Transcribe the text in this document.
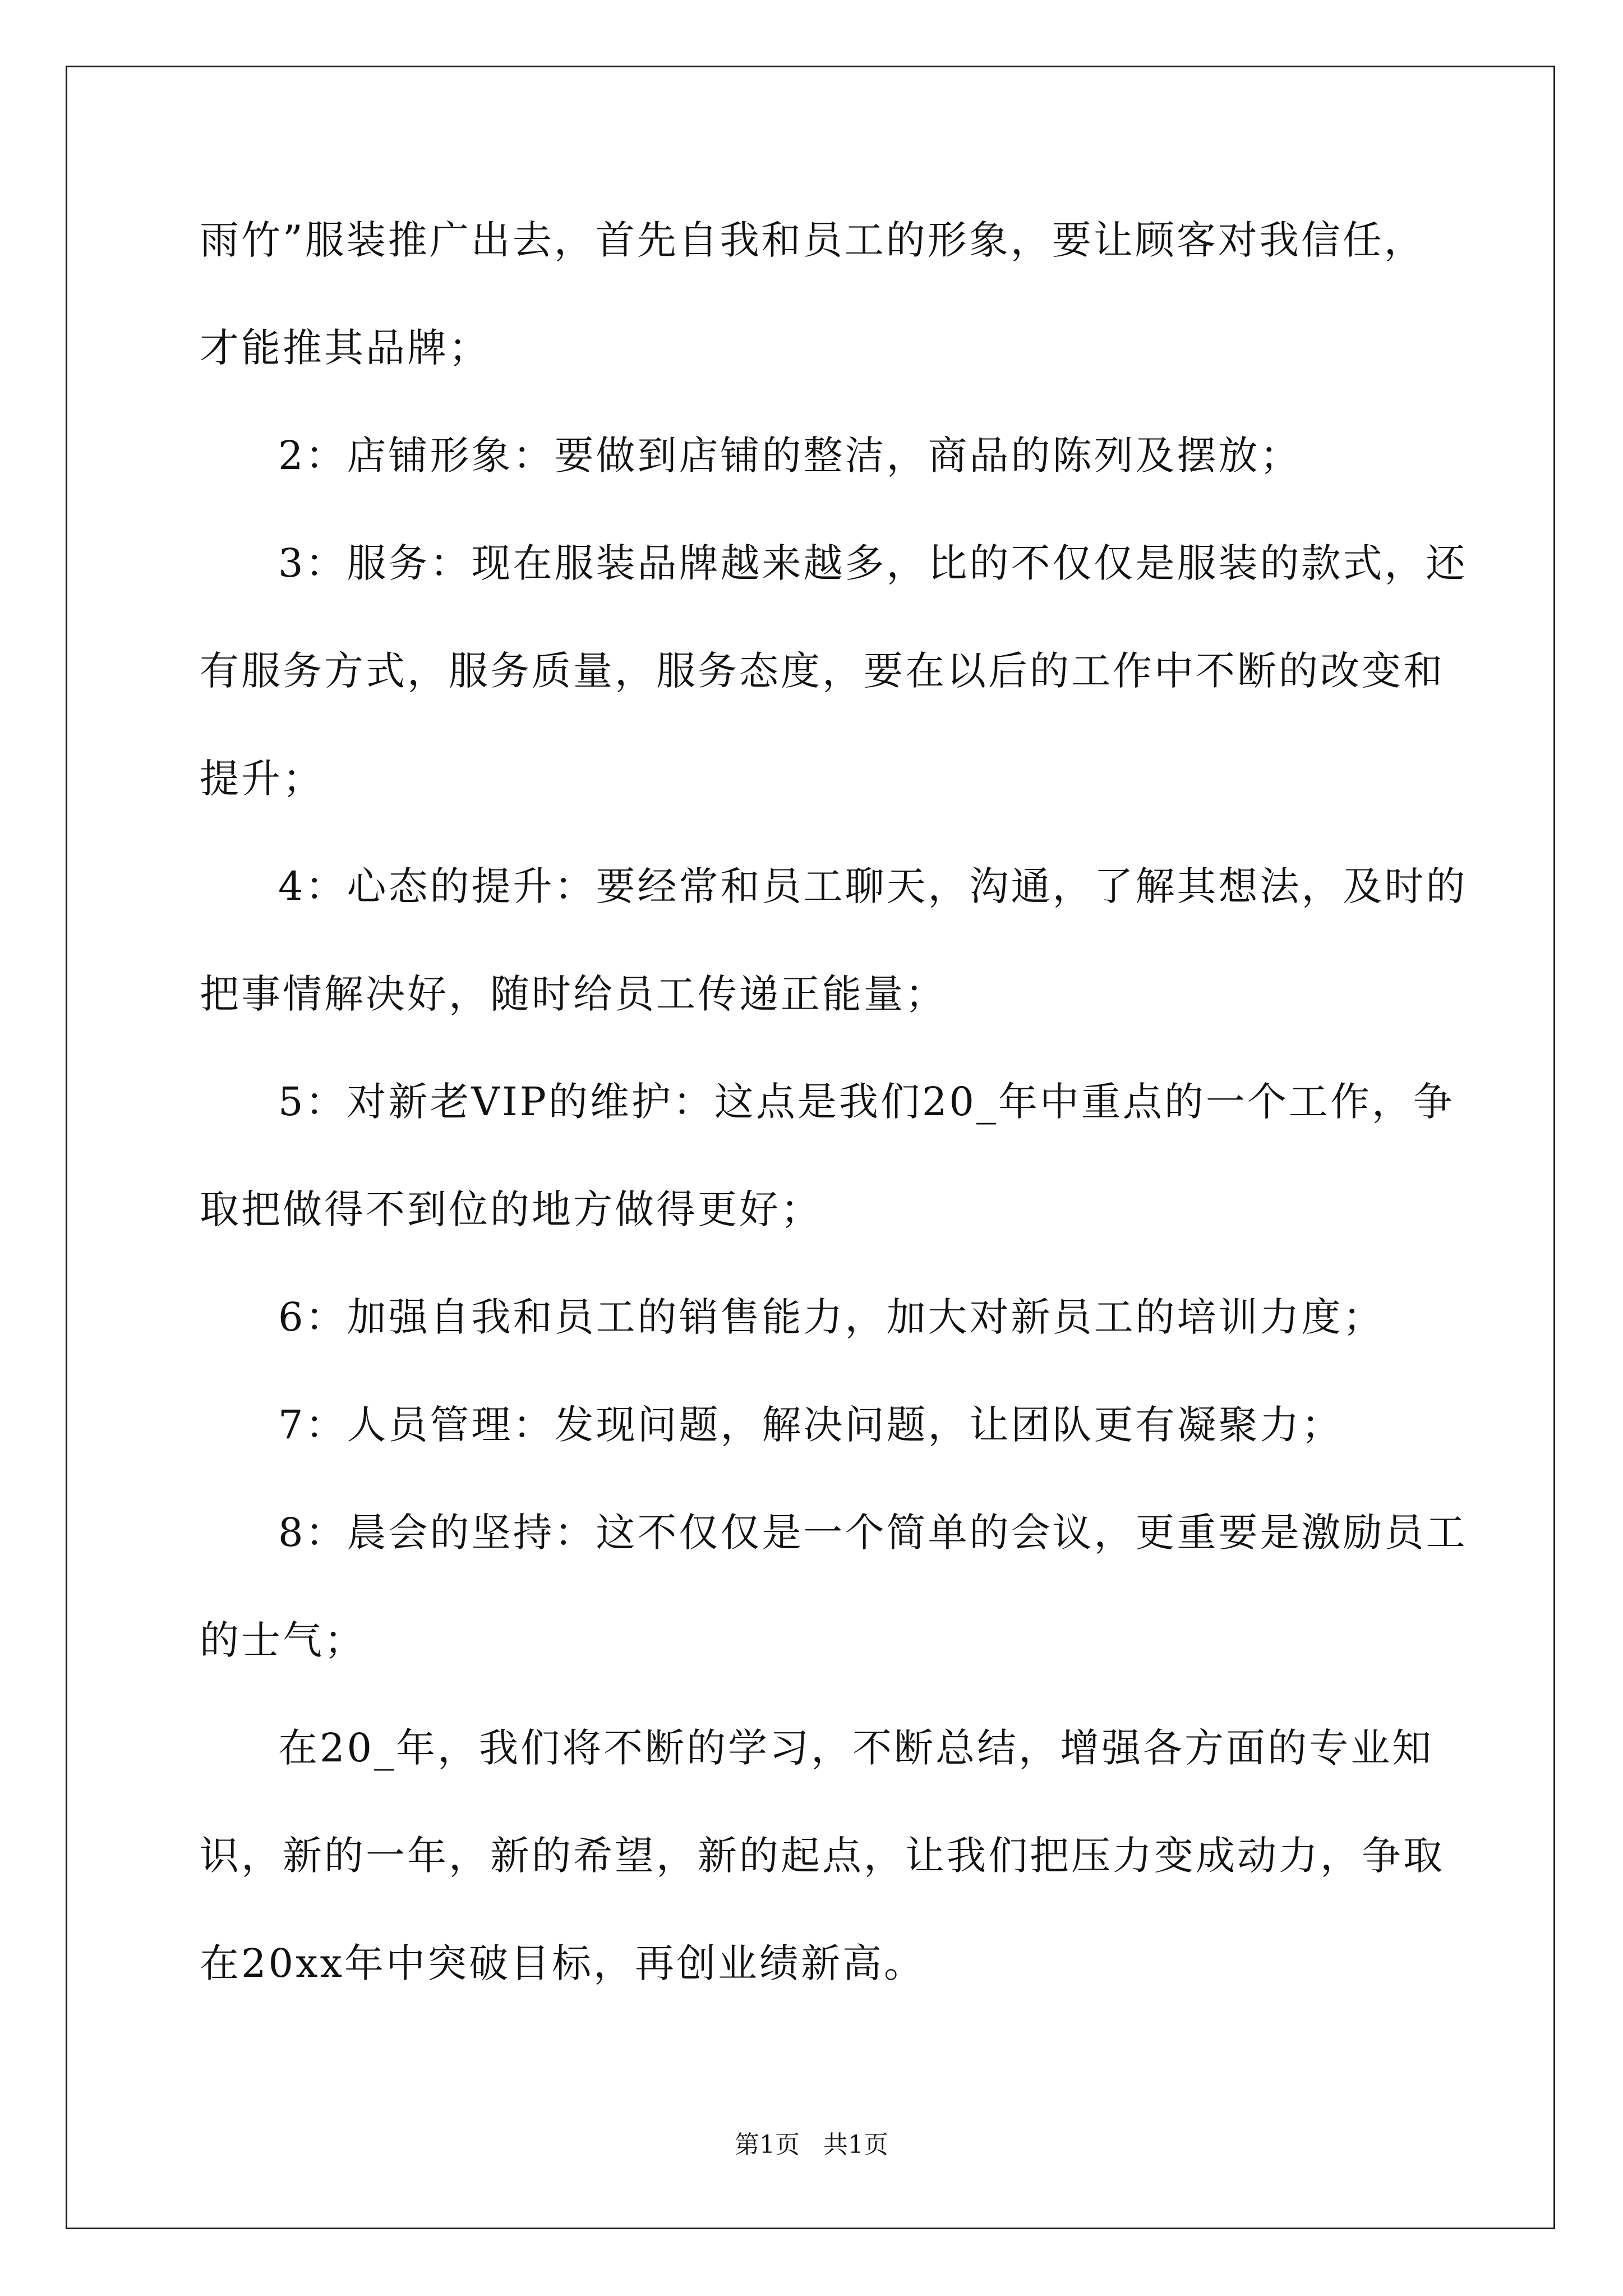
雨竹”服装推广出去，首先自我和员工的形象，要让顾客对我信任，
才能推其品牌；
2：店铺形象：要做到店铺的整洁，商品的陈列及摆放；
3：服务：现在服装品牌越来越多，比的不仅仅是服装的款式，还
有服务方式，服务质量，服务态度，要在以后的工作中不断的改变和
提升；
4：心态的提升：要经常和员工聊天，沟通，了解其想法，及时的
把事情解决好，随时给员工传递正能量；
5：对新老VIP的维护：这点是我们20_年中重点的一个工作，争
取把做得不到位的地方做得更好；
6：加强自我和员工的销售能力，加大对新员工的培训力度；
7：人员管理：发现问题，解决问题，让团队更有凝聚力；
8：晨会的坚持：这不仅仅是一个简单的会议，更重要是激励员工
的士气；
在20_年，我们将不断的学习，不断总结，增强各方面的专业知
识，新的一年，新的希望，新的起点，让我们把压力变成动力，争取
在20xx年中突破目标，再创业绩新高。
第1页   共1页
